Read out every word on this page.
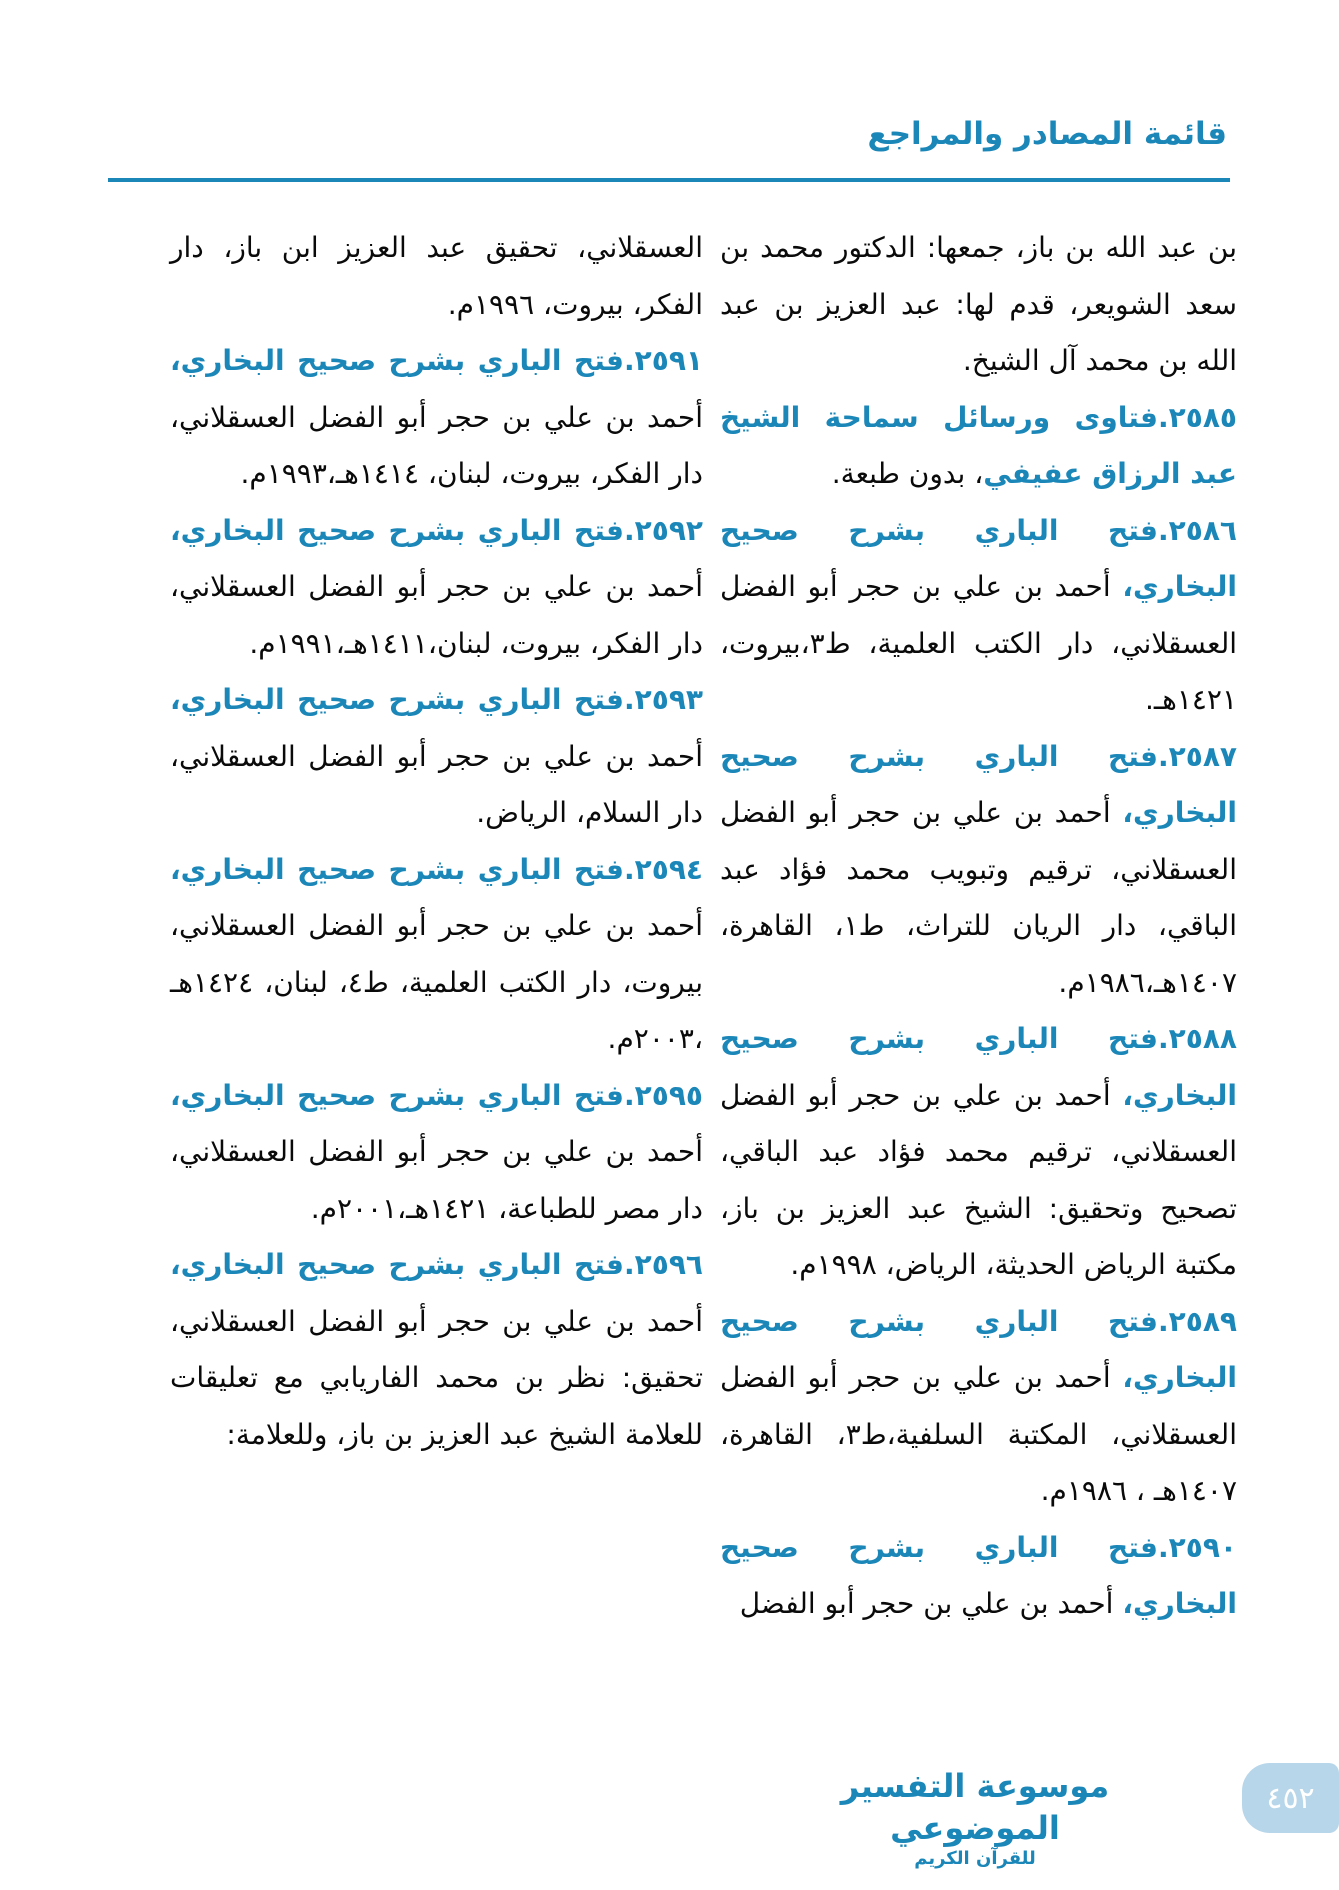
قائمة المصادر والمراجع

بن عبد الله بن باز، جمعها: الدكتور محمد بن سعد الشويعر، قدم لها: عبد العزيز بن عبد الله بن محمد آل الشيخ.

٢٥٨٥.فتاوى ورسائل سماحة الشيخ عبد الرزاق عفيفي، بدون طبعة.

٢٥٨٦.فتح الباري بشرح صحيح البخاري، أحمد بن علي بن حجر أبو الفضل العسقلاني، دار الكتب العلمية، ط٣،بيروت، ١٤٢١هـ.

٢٥٨٧.فتح الباري بشرح صحيح البخاري، أحمد بن علي بن حجر أبو الفضل العسقلاني، ترقيم وتبويب محمد فؤاد عبد الباقي، دار الريان للتراث، ط١، القاهرة، ١٤٠٧هـ،١٩٨٦م.

٢٥٨٨.فتح الباري بشرح صحيح البخاري، أحمد بن علي بن حجر أبو الفضل العسقلاني، ترقيم محمد فؤاد عبد الباقي، تصحيح وتحقيق: الشيخ عبد العزيز بن باز، مكتبة الرياض الحديثة، الرياض، ١٩٩٨م.

٢٥٨٩.فتح الباري بشرح صحيح البخاري، أحمد بن علي بن حجر أبو الفضل العسقلاني، المكتبة السلفية،ط٣، القاهرة، ١٤٠٧هـ ، ١٩٨٦م.

٢٥٩٠.فتح الباري بشرح صحيح البخاري، أحمد بن علي بن حجر أبو الفضل

العسقلاني، تحقيق عبد العزيز ابن باز، دار الفكر، بيروت، ١٩٩٦م.

٢٥٩١.فتح الباري بشرح صحيح البخاري، أحمد بن علي بن حجر أبو الفضل العسقلاني، دار الفكر، بيروت، لبنان، ١٤١٤هـ،١٩٩٣م.

٢٥٩٢.فتح الباري بشرح صحيح البخاري، أحمد بن علي بن حجر أبو الفضل العسقلاني، دار الفكر، بيروت، لبنان،١٤١١هـ،١٩٩١م.

٢٥٩٣.فتح الباري بشرح صحيح البخاري، أحمد بن علي بن حجر أبو الفضل العسقلاني، دار السلام، الرياض.

٢٥٩٤.فتح الباري بشرح صحيح البخاري، أحمد بن علي بن حجر أبو الفضل العسقلاني، بيروت، دار الكتب العلمية، ط٤، لبنان، ١٤٢٤هـ ،٢٠٠٣م.

٢٥٩٥.فتح الباري بشرح صحيح البخاري، أحمد بن علي بن حجر أبو الفضل العسقلاني، دار مصر للطباعة، ١٤٢١هـ،٢٠٠١م.

٢٥٩٦.فتح الباري بشرح صحيح البخاري، أحمد بن علي بن حجر أبو الفضل العسقلاني، تحقيق: نظر بن محمد الفاريابي مع تعليقات للعلامة الشيخ عبد العزيز بن باز، وللعلامة:

موسوعة التفسير الموضوعي
للقرآن الكريم
٤٥٢
